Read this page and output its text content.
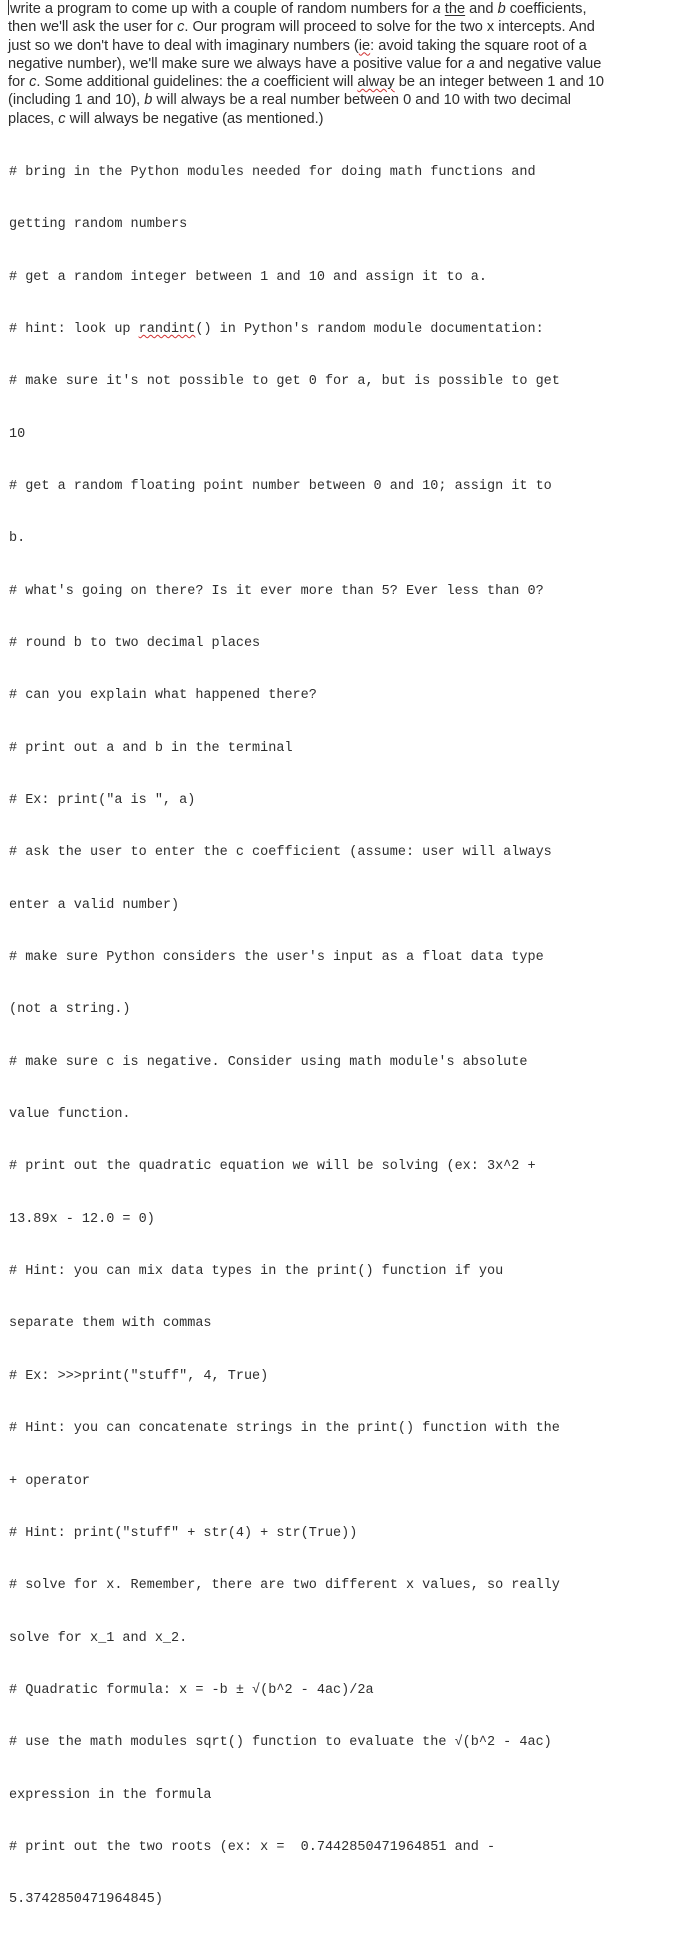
write a program to come up with a couple of random numbers for a the and b coefficients,
then we'll ask the user for c. Our program will proceed to solve for the two x intercepts. And
just so we don't have to deal with imaginary numbers (ie: avoid taking the square root of a
negative number), we'll make sure we always have a positive value for a and negative value
for c. Some additional guidelines: the a coefficient will alway be an integer between 1 and 10
(including 1 and 10), b will always be a real number between 0 and 10 with two decimal
places, c will always be negative (as mentioned.)

# bring in the Python modules needed for doing math functions and

getting random numbers

# get a random integer between 1 and 10 and assign it to a.

# hint: look up randint() in Python's random module documentation:

# make sure it's not possible to get 0 for a, but is possible to get

10

# get a random floating point number between 0 and 10; assign it to

b.

# what's going on there? Is it ever more than 5? Ever less than 0?

# round b to two decimal places

# can you explain what happened there?

# print out a and b in the terminal

# Ex: print("a is ", a)

# ask the user to enter the c coefficient (assume: user will always

enter a valid number)

# make sure Python considers the user's input as a float data type

(not a string.)

# make sure c is negative. Consider using math module's absolute

value function.

# print out the quadratic equation we will be solving (ex: 3x^2 +

13.89x - 12.0 = 0)

# Hint: you can mix data types in the print() function if you

separate them with commas

# Ex: >>>print("stuff", 4, True)

# Hint: you can concatenate strings in the print() function with the

+ operator

# Hint: print("stuff" + str(4) + str(True))

# solve for x. Remember, there are two different x values, so really

solve for x_1 and x_2.

# Quadratic formula: x = -b ± √(b^2 - 4ac)/2a

# use the math modules sqrt() function to evaluate the √(b^2 - 4ac)

expression in the formula

# print out the two roots (ex: x =  0.7442850471964851 and -

5.3742850471964845)
